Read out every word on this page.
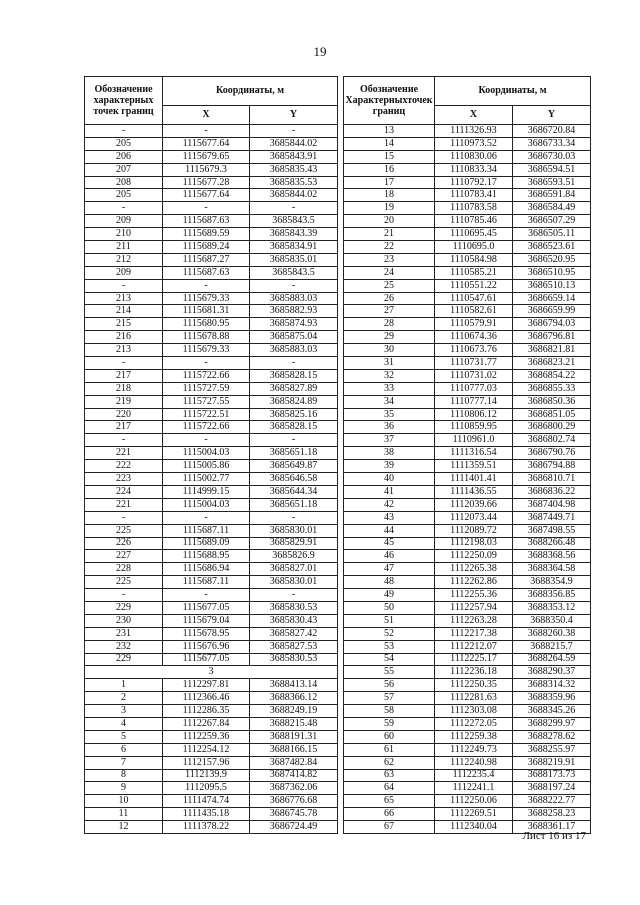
19
Обозначение характерных точек границ	Координаты, м	
	X	Y
-	-	-
205	1115677.64	3685844.02
206	1115679.65	3685843.91
207	1115679.3	3685835.43
208	1115677.28	3685835.53
205	1115677.64	3685844.02
-	-	-
209	1115687.63	3685843.5
210	1115689.59	3685843.39
211	1115689.24	3685834.91
212	1115687.27	3685835.01
209	1115687.63	3685843.5
-	-	-
213	1115679.33	3685883.03
214	1115681.31	3685882.93
215	1115680.95	3685874.93
216	1115678.88	3685875.04
213	1115679.33	3685883.03
-	-	-
217	1115722.66	3685828.15
218	1115727.59	3685827.89
219	1115727.55	3685824.89
220	1115722.51	3685825.16
217	1115722.66	3685828.15
-	-	-
221	1115004.03	3685651.18
222	1115005.86	3685649.87
223	1115002.77	3685646.58
224	1114999.15	3685644.34
221	1115004.03	3685651.18
-	-	-
225	1115687.11	3685830.01
226	1115689.09	3685829.91
227	1115688.95	3685826.9
228	1115686.94	3685827.01
225	1115687.11	3685830.01
-	-	-
229	1115677.05	3685830.53
230	1115679.04	3685830.43
231	1115678.95	3685827.42
232	1115676.96	3685827.53
229	1115677.05	3685830.53
3		
1	1112297.81	3688413.14
2	1112366.46	3688366.12
3	1112286.35	3688249.19
4	1112267.84	3688215.48
5	1112259.36	3688191.31
6	1112254.12	3688166.15
7	1112157.96	3687482.84
8	1112139.9	3687414.82
9	1112095.5	3687362.06
10	1111474.74	3686776.68
11	1111435.18	3686745.78
12	1111378.22	3686724.49
Обозначение Характерныхточек границ	Координаты, м	
	X	Y
13	1111326.93	3686720.84
14	1110973.52	3686733.34
15	1110830.06	3686730.03
16	1110833.34	3686594.51
17	1110792.17	3686593.51
18	1110783.41	3686591.84
19	1110783.58	3686584.49
20	1110785.46	3686507.29
21	1110695.45	3686505.11
22	1110695.0	3686523.61
23	1110584.98	3686520.95
24	1110585.21	3686510.95
25	1110551.22	3686510.13
26	1110547.61	3686659.14
27	1110582.61	3686659.99
28	1110579.91	3686794.03
29	1110674.36	3686796.81
30	1110673.76	3686821.81
31	1110731.77	3686823.21
32	1110731.02	3686854.22
33	1110777.03	3686855.33
34	1110777.14	3686850.36
35	1110806.12	3686851.05
36	1110859.95	3686800.29
37	1110961.0	3686802.74
38	1111316.54	3686790.76
39	1111359.51	3686794.88
40	1111401.41	3686810.71
41	1111436.55	3686836.22
42	1112039.66	3687404.98
43	1112073.44	3687449.71
44	1112089.72	3687498.55
45	1112198.03	3688266.48
46	1112250.09	3688368.56
47	1112265.38	3688364.58
48	1112262.86	3688354.9
49	1112255.36	3688356.85
50	1112257.94	3688353.12
51	1112263.28	3688350.4
52	1112217.38	3688260.38
53	1112212.07	3688215.7
54	1112225.17	3688264.59
55	1112236.18	3688290.37
56	1112250.35	3688314.32
57	1112281.63	3688359.96
58	1112303.08	3688345.26
59	1112272.05	3688299.97
60	1112259.38	3688278.62
61	1112249.73	3688255.97
62	1112240.98	3688219.91
63	1112235.4	3688173.73
64	1112241.1	3688197.24
65	1112250.06	3688222.77
66	1112269.51	3688258.23
67	1112340.04	3688361.17
Лист 16 из 17
